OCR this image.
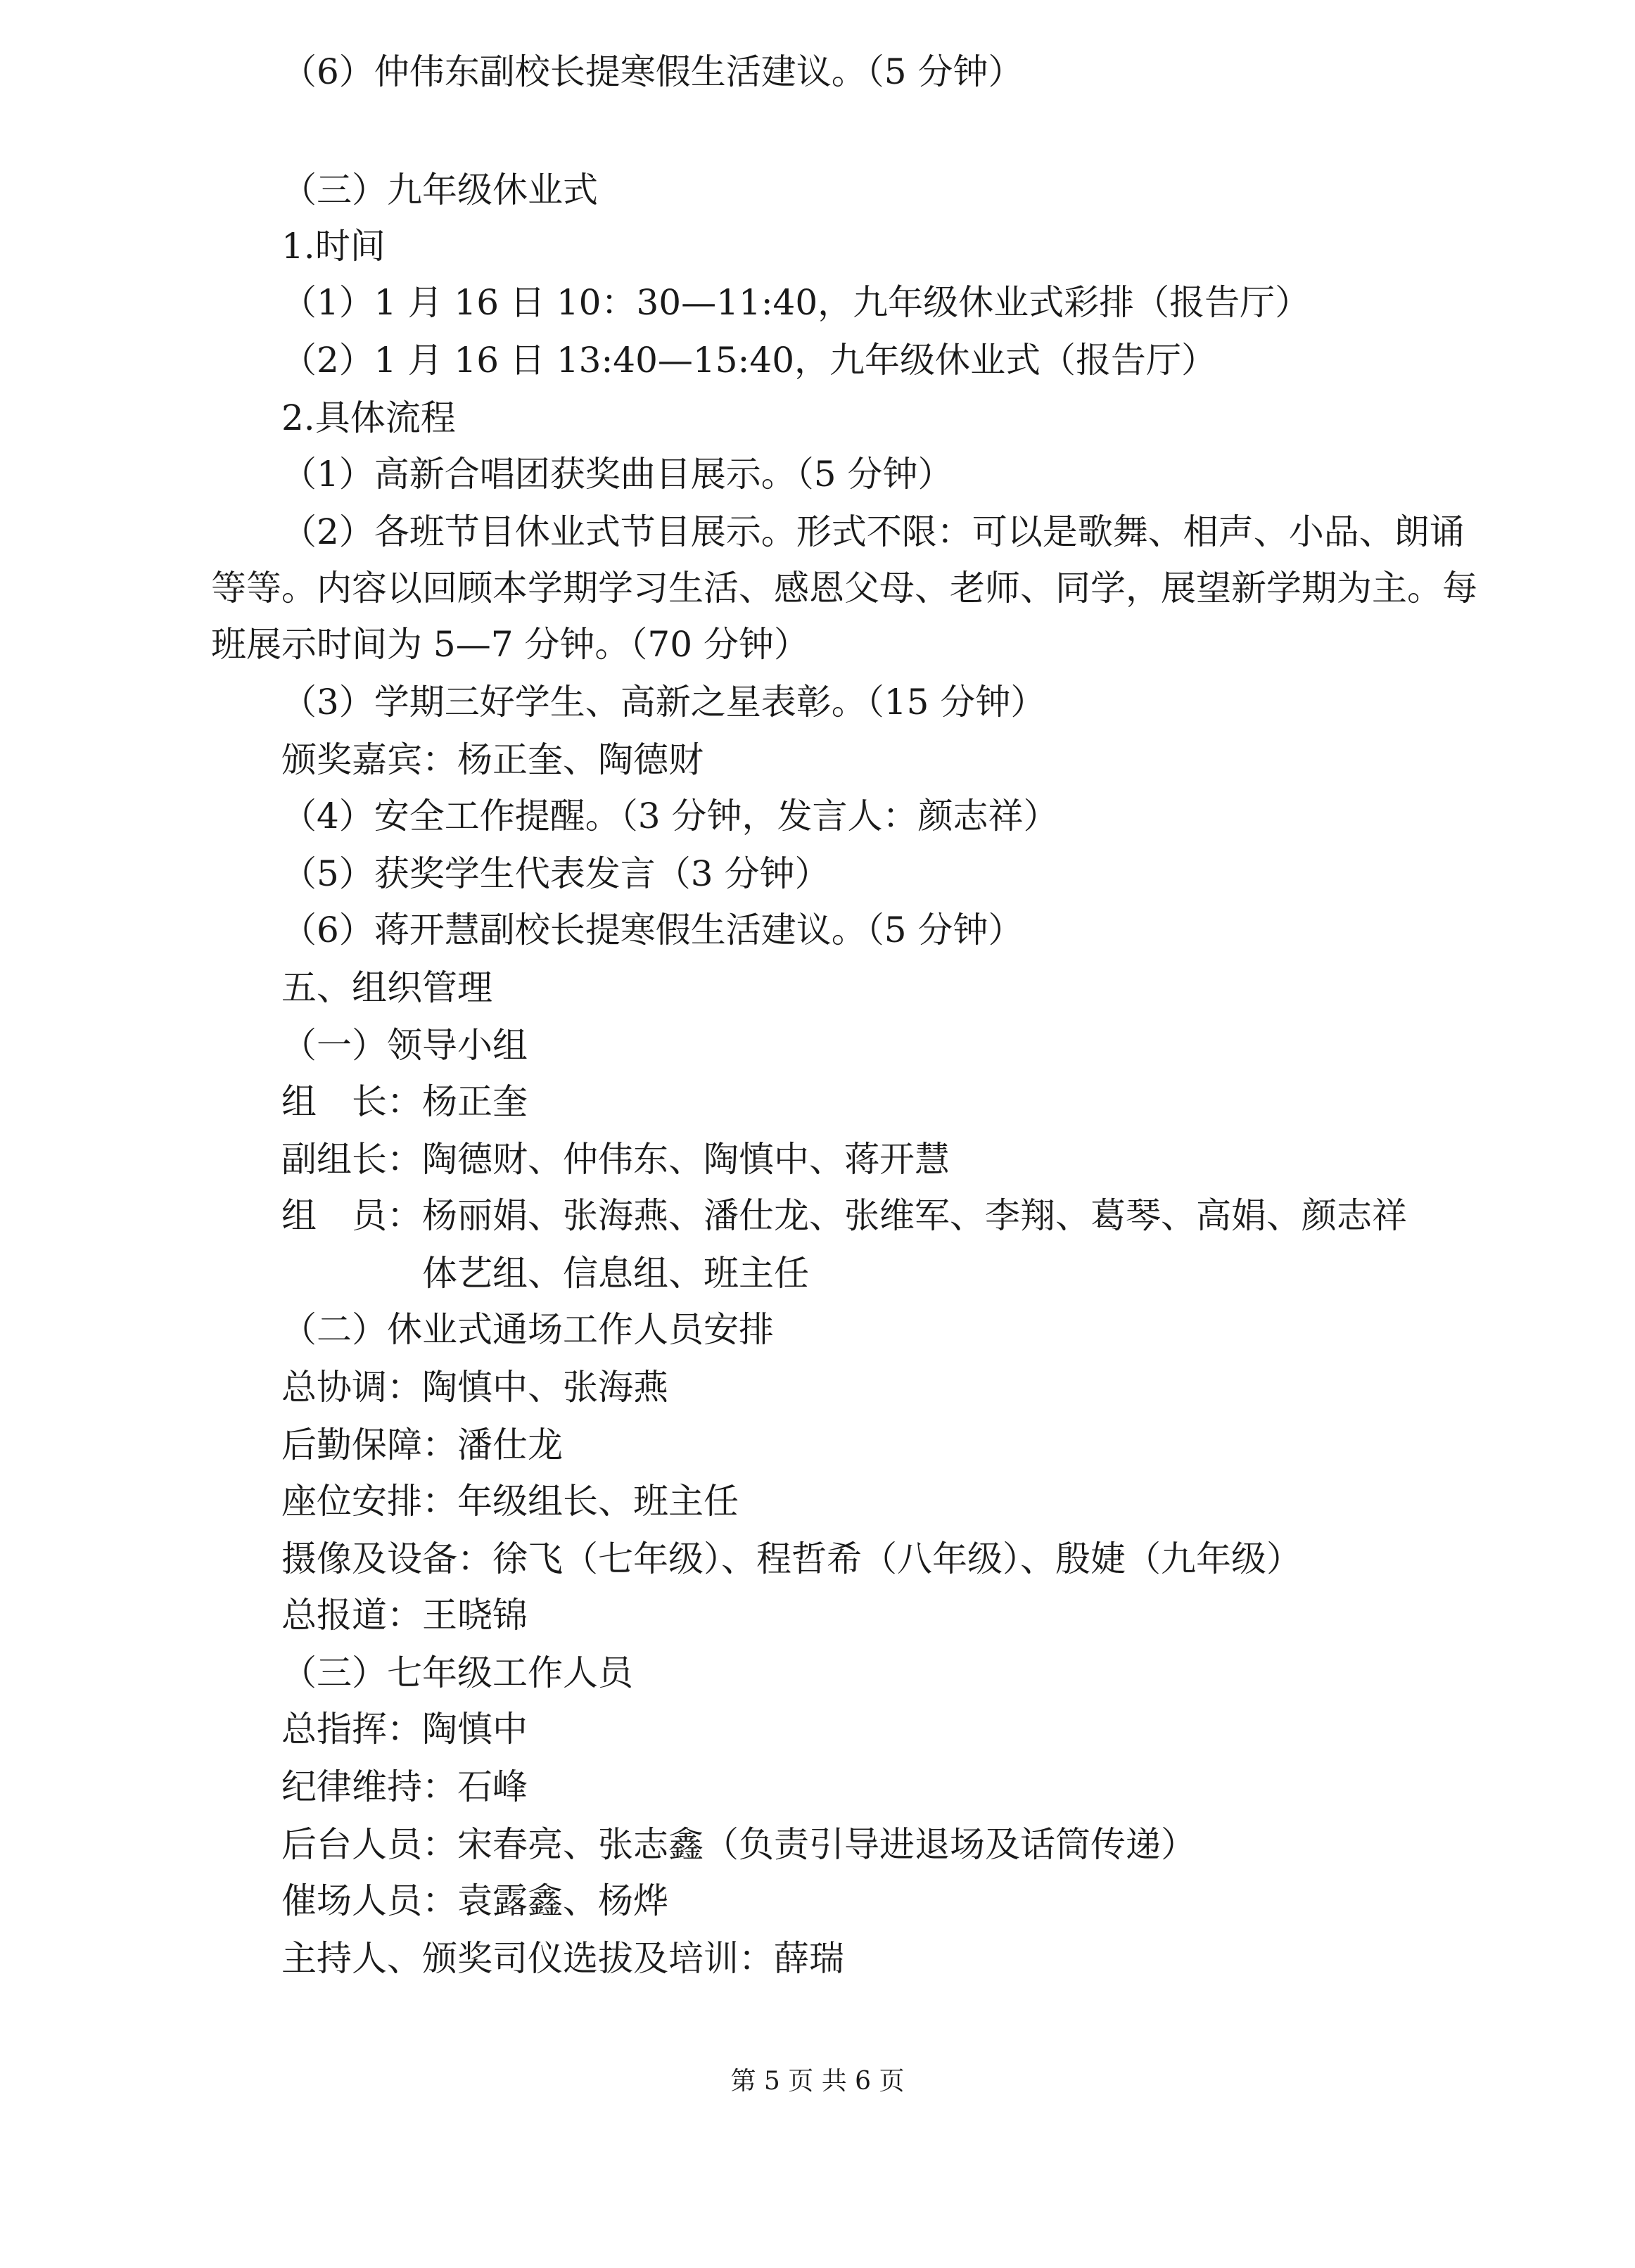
（6）仲伟东副校长提寒假生活建议。（5 分钟）

（三）九年级休业式

1.时间

（1）1 月 16 日 10：30—11:40，九年级休业式彩排（报告厅）

（2）1 月 16 日 13:40—15:40，九年级休业式（报告厅）

2.具体流程

（1）高新合唱团获奖曲目展示。（5 分钟）

（2）各班节目休业式节目展示。形式不限：可以是歌舞、相声、小品、朗诵

等等。内容以回顾本学期学习生活、感恩父母、老师、同学，展望新学期为主。每

班展示时间为 5—7 分钟。（70 分钟）

（3）学期三好学生、高新之星表彰。（15 分钟）

颁奖嘉宾：杨正奎、陶德财

（4）安全工作提醒。（3 分钟，发言人：颜志祥）

（5）获奖学生代表发言（3 分钟）

（6）蒋开慧副校长提寒假生活建议。（5 分钟）

五、组织管理

（一）领导小组

组　长：杨正奎

副组长：陶德财、仲伟东、陶慎中、蒋开慧

组　员：杨丽娟、张海燕、潘仕龙、张维军、李翔、葛琴、高娟、颜志祥

体艺组、信息组、班主任

（二）休业式通场工作人员安排

总协调：陶慎中、张海燕

后勤保障：潘仕龙

座位安排：年级组长、班主任

摄像及设备：徐飞（七年级）、程哲希（八年级）、殷婕（九年级）

总报道：王晓锦

（三）七年级工作人员

总指挥：陶慎中

纪律维持：石峰

后台人员：宋春亮、张志鑫（负责引导进退场及话筒传递）

催场人员：袁露鑫、杨烨

主持人、颁奖司仪选拔及培训：薛瑞

第 5 页 共 6 页
